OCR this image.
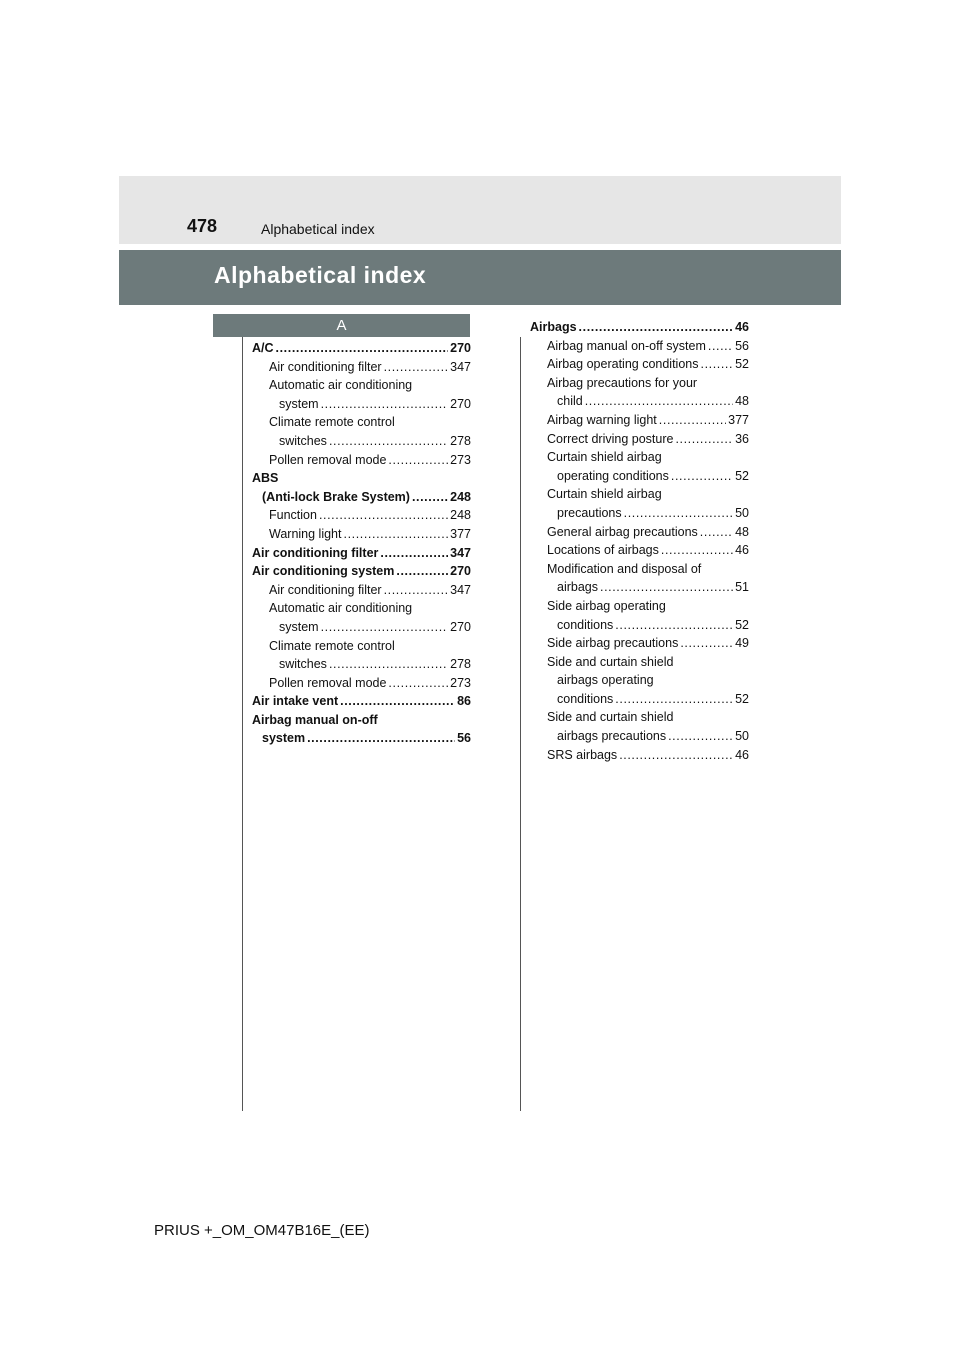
478	Alphabetical index
Alphabetical index
A
A/C .....	270
Air conditioning filter .....	347
Automatic air conditioning
system .....	270
Climate remote control
switches .....	278
Pollen removal mode .....	273
ABS
(Anti-lock Brake System) .....	248
Function .....	248
Warning light .....	377
Air conditioning filter .....	347
Air conditioning system .....	270
Air conditioning filter .....	347
Automatic air conditioning
system .....	270
Climate remote control
switches .....	278
Pollen removal mode .....	273
Air intake vent .....	86
Airbag manual on-off
system .....	56
Airbags .....	46
Airbag manual on-off system ..... 56
Airbag operating conditions .....	52
Airbag precautions for your
child .....	48
Airbag warning light .....	377
Correct driving posture .....	36
Curtain shield airbag
operating conditions .....	52
Curtain shield airbag
precautions .....	50
General airbag precautions .....	48
Locations of airbags .....	46
Modification and disposal of
airbags .....	51
Side airbag operating
conditions .....	52
Side airbag precautions .....	49
Side and curtain shield
airbags operating
conditions .....	52
Side and curtain shield
airbags precautions .....	50
SRS airbags .....	46
PRIUS +_OM_OM47B16E_(EE)
